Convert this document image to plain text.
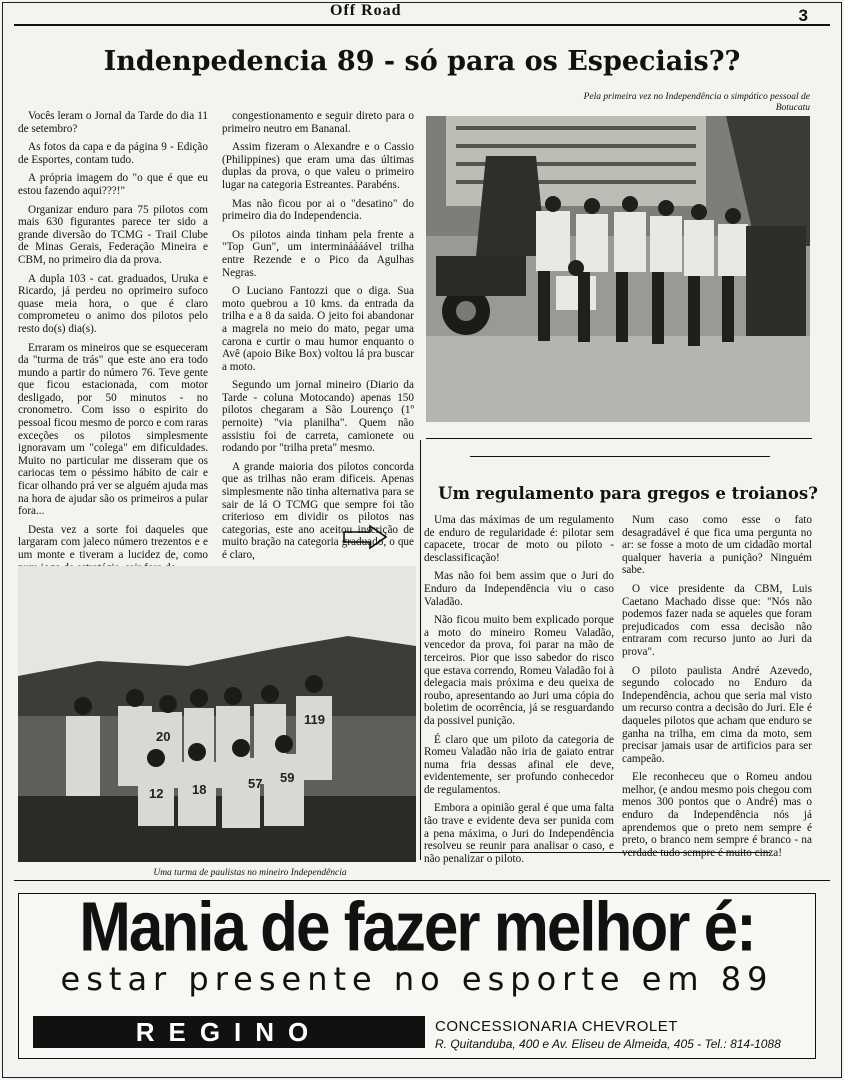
Off Road	3
Indenpedencia 89 - só para os Especiais??

Vocês leram o Jornal da Tarde do dia 11 de setembro?

As fotos da capa e da página 9 - Edição de Esportes, contam tudo.

A própria imagem do "o que é que eu estou fazendo aqui???!"

Organizar enduro para 75 pilotos com mais 630 figurantes parece ter sido a grande diversão do TCMG - Trail Clube de Minas Gerais, Federação Mineira e CBM, no primeiro dia da prova.

A dupla 103 - cat. graduados, Uruka e Ricardo, já perdeu no oprimeiro sufoco quase meia hora, o que é claro comprometeu o animo dos pilotos pelo resto do(s) dia(s).

Erraram os mineiros que se esqueceram da "turma de trás" que este ano era todo mundo a partir do número 76. Teve gente que ficou estacionada, com motor desligado, por 50 minutos - no cronometro. Com isso o espirito do pessoal ficou mesmo de porco e com raras exceções os pilotos simplesmente ignoravam um "colega" em dificuldades. Muito no particular me disseram que os cariocas tem o péssimo hábito de cair e ficar olhando prá ver se alguém ajuda mas na hora de ajudar são os primeiros a pular fora...

Desta vez a sorte foi daqueles que largaram com jaleco número trezentos e e um monte e tiveram a lucidez de, como

congestionamento e seguir direto para o primeiro neutro em Bananal.

Assim fizeram o Alexandre e o Cassio (Philippines) que eram uma das últimas duplas da prova, o que valeu o primeiro lugar na categoria Estreantes. Parabéns.

Mas não ficou por ai o "desatino" do primeiro dia do Independencia.

Os pilotos ainda tinham pela frente a "Top Gun", um intermináááável trilha entre Rezende e o Pico da Agulhas Negras.

O Luciano Fantozzi que o diga. Sua moto quebrou a 10 kms. da entrada da trilha e a 8 da saida. O jeito foi abandonar a magrela no meio do mato, pegar uma carona e curtir o mau humor enquanto o Avê (apoio Bike Box) voltou lá pra buscar a moto.

Segundo um jornal mineiro (Diario da Tarde - coluna Motocando) apenas 150 pilotos chegaram a São Lourenço (1º pernoite) "via planilha". Quem não assistiu foi de carreta, camionete ou rodando por "trilha preta" mesmo.

A grande maioria dos pilotos concorda que as trilhas não eram dificeis. Apenas simplesmente não tinha alternativa para se sair de lá O TCMG que sempre foi tão criterioso em dividir os pilotos nas categorias, este ano aceitou inscrição de muito bração na categoria graduado, o que é claro,

Pela primeira vez no Independência o simpático pessoal de Botucatu
20
119
12 18	57 59
Uma turma de paulistas no mineiro Independência
Um regulamento para gregos e troianos?

Uma das máximas de um regulamento de enduro de regularidade é: pilotar sem capacete, trocar de moto ou piloto - desclassificação!

Mas não foi bem assim que o Juri do Enduro da Independência viu o caso Valadão.

Não ficou muito bem explicado porque a moto do mineiro Romeu Valadão, vencedor da prova, foi parar na mão de terceiros. Pior que isso sabedor do risco que estava correndo, Romeu Valadão foi à delegacia mais próxima e deu queixa de roubo, apresentando ao Juri uma cópia do boletim de ocorrência, já se resguardando da possivel punição.

É claro que um piloto da categoria de Romeu Valadão não iria de gaiato entrar numa fria dessas afinal ele deve, evidentemente, ser profundo conhecedor de regulamentos.

Embora a opinião geral é que uma falta tão trave e evidente deva ser punida com a pena máxima, o Juri do Independência resolveu se reunir para analisar o caso, e não penalizar o piloto.

Num caso como esse o fato desagradável é que fica uma pergunta no ar: se fosse a moto de um cidadão mortal qualquer haveria a punição? Ninguém sabe.

O vice presidente da CBM, Luis Caetano Machado disse que: "Nós não podemos fazer nada se aqueles que foram prejudicados com essa decisão não entraram com recurso junto ao Juri da prova".

O piloto paulista André Azevedo, segundo colocado no Enduro da Independência, achou que seria mal visto um recurso contra a decisão do Juri. Ele é daqueles pilotos que acham que enduro se ganha na trilha, em cima da moto, sem precisar jamais usar de artificios para ser campeão.

Ele reconheceu que o Romeu andou melhor, (e andou mesmo pois chegou com menos 300 pontos que o André) mas o enduro da Independência nós já aprendemos que o preto nem sempre é preto, o branco nem sempre é branco - na verdade tudo sempre é muito cinza!

Mania de fazer melhor é:
estar presente no esporte em 89
REGINO	CONCESSIONARIA CHEVROLET
R. Quitanduba, 400 e Av. Eliseu de Almeida, 405 - Tel.: 814-1088
